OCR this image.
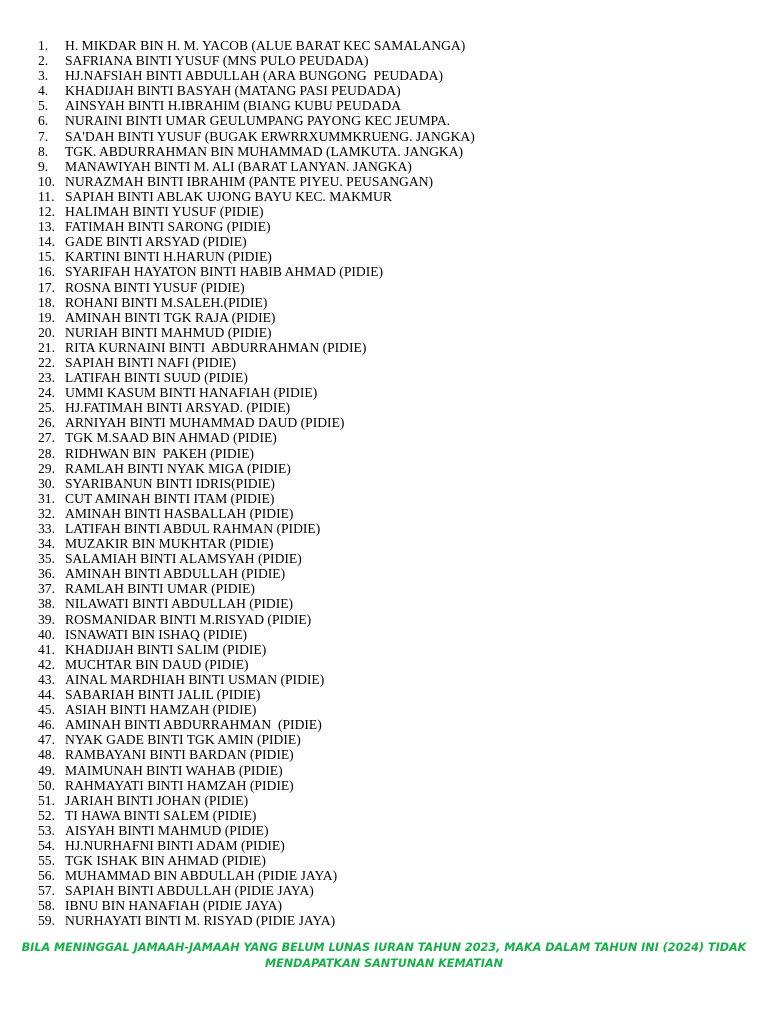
1.	H. MIKDAR BIN H. M. YACOB (ALUE BARAT KEC SAMALANGA)
2.	SAFRIANA BINTI YUSUF (MNS PULO PEUDADA)
3.	HJ.NAFSIAH BINTI ABDULLAH (ARA BUNGONG  PEUDADA)
4.	KHADIJAH BINTI BASYAH (MATANG PASI PEUDADA)
5.	AINSYAH BINTI H.IBRAHIM (BIANG KUBU PEUDADA
6.	NURAINI BINTI UMAR GEULUMPANG PAYONG KEC JEUMPA.
7.	SA'DAH BINTI YUSUF (BUGAK ERWRRXUMMKRUENG. JANGKA)
8.	TGK. ABDURRAHMAN BIN MUHAMMAD (LAMKUTA. JANGKA)
9.	MANAWIYAH BINTI M. ALI (BARAT LANYAN. JANGKA)
10. NURAZMAH BINTI IBRAHIM (PANTE PIYEU. PEUSANGAN)
11. SAPIAH BINTI ABLAK UJONG BAYU KEC. MAKMUR
12. HALIMAH BINTI YUSUF (PIDIE)
13. FATIMAH BINTI SARONG (PIDIE)
14. GADE BINTI ARSYAD (PIDIE)
15. KARTINI BINTI H.HARUN (PIDIE)
16. SYARIFAH HAYATON BINTI HABIB AHMAD (PIDIE)
17. ROSNA BINTI YUSUF (PIDIE)
18. ROHANI BINTI M.SALEH.(PIDIE)
19. AMINAH BINTI TGK RAJA (PIDIE)
20. NURIAH BINTI MAHMUD (PIDIE)
21. RITA KURNAINI BINTI  ABDURRAHMAN (PIDIE)
22. SAPIAH BINTI NAFI (PIDIE)
23. LATIFAH BINTI SUUD (PIDIE)
24. UMMI KASUM BINTI HANAFIAH (PIDIE)
25. HJ.FATIMAH BINTI ARSYAD. (PIDIE)
26. ARNIYAH BINTI MUHAMMAD DAUD (PIDIE)
27. TGK M.SAAD BIN AHMAD (PIDIE)
28. RIDHWAN BIN  PAKEH (PIDIE)
29. RAMLAH BINTI NYAK MIGA (PIDIE)
30. SYARIBANUN BINTI IDRIS(PIDIE)
31. CUT AMINAH BINTI ITAM (PIDIE)
32. AMINAH BINTI HASBALLAH (PIDIE)
33. LATIFAH BINTI ABDUL RAHMAN (PIDIE)
34. MUZAKIR BIN MUKHTAR (PIDIE)
35. SALAMIAH BINTI ALAMSYAH (PIDIE)
36. AMINAH BINTI ABDULLAH (PIDIE)
37. RAMLAH BINTI UMAR (PIDIE)
38. NILAWATI BINTI ABDULLAH (PIDIE)
39. ROSMANIDAR BINTI M.RISYAD (PIDIE)
40. ISNAWATI BIN ISHAQ (PIDIE)
41. KHADIJAH BINTI SALIM (PIDIE)
42. MUCHTAR BIN DAUD (PIDIE)
43. AINAL MARDHIAH BINTI USMAN (PIDIE)
44. SABARIAH BINTI JALIL (PIDIE)
45. ASIAH BINTI HAMZAH (PIDIE)
46. AMINAH BINTI ABDURRAHMAN  (PIDIE)
47. NYAK GADE BINTI TGK AMIN (PIDIE)
48. RAMBAYANI BINTI BARDAN (PIDIE)
49. MAIMUNAH BINTI WAHAB (PIDIE)
50. RAHMAYATI BINTI HAMZAH (PIDIE)
51. JARIAH BINTI JOHAN (PIDIE)
52. TI HAWA BINTI SALEM (PIDIE)
53. AISYAH BINTI MAHMUD (PIDIE)
54. HJ.NURHAFNI BINTI ADAM (PIDIE)
55. TGK ISHAK BIN AHMAD (PIDIE)
56. MUHAMMAD BIN ABDULLAH (PIDIE JAYA)
57. SAPIAH BINTI ABDULLAH (PIDIE JAYA)
58. IBNU BIN HANAFIAH (PIDIE JAYA)
59. NURHAYATI BINTI M. RISYAD (PIDIE JAYA)
BILA MENINGGAL JAMAAH-JAMAAH YANG BELUM LUNAS IURAN TAHUN 2023, MAKA DALAM TAHUN INI (2024) TIDAK
MENDAPATKAN SANTUNAN KEMATIAN
